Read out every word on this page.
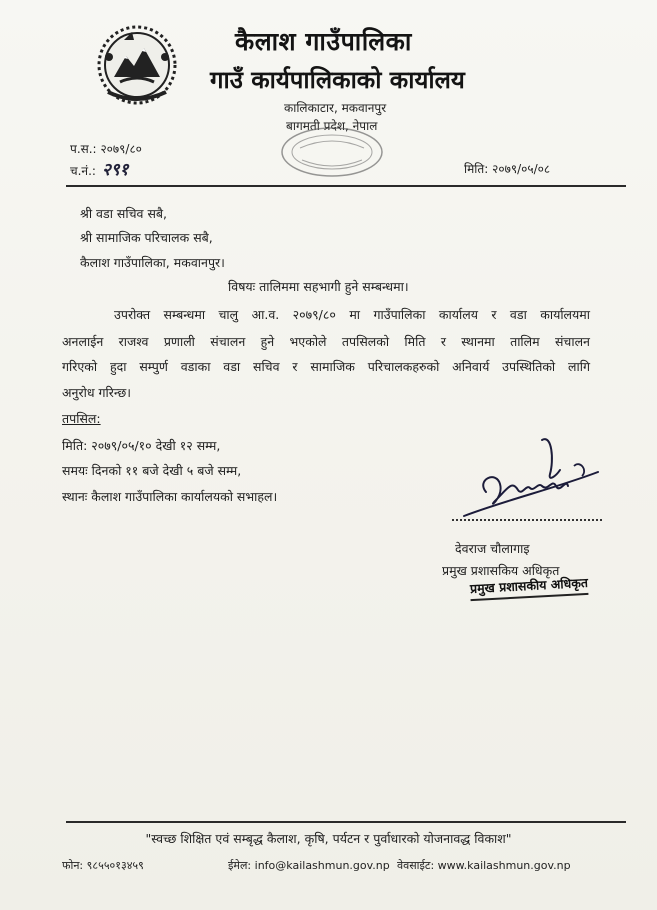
कैलाश गाउँपालिका
गाउँ कार्यपालिकाको कार्यालय
कालिकाटार, मकवानपुर
बागमती प्रदेश, नेपाल
प.स.: २०७९/८०
च.नं.: २९१	मिति: २०७९/०५/०८
श्री वडा सचिव सबै,
श्री सामाजिक परिचालक सबै,
कैलाश गाउँपालिका, मकवानपुर।
विषयः तालिममा सहभागी हुने सम्बन्धमा।
उपरोक्त सम्बन्धमा चालु आ.व. २०७९/८० मा गाउँपालिका कार्यालय र वडा कार्यालयमा
अनलाईन राजश्व प्रणाली संचालन हुने भएकोले तपसिलको मिति र स्थानमा तालिम संचालन
गरिएको हुदा सम्पुर्ण वडाका वडा सचिव र सामाजिक परिचालकहरुको अनिवार्य उपस्थितिको लागि
अनुरोध गरिन्छ।
तपसिल:
मिति: २०७९/०५/१० देखी १२ सम्म,
समयः दिनको ११ बजे देखी ५ बजे सम्म,
स्थानः कैलाश गाउँपालिका कार्यालयको सभाहल।
देवराज चौलागाइ
प्रमुख प्रशासकिय अधिकृत
प्रमुख प्रशासकीय अधिकृत
"स्वच्छ शिक्षित एवं सम्बृद्ध कैलाश, कृषि, पर्यटन र पुर्वाधारको योजनावद्ध विकाश"
फोन: ९८५५०१३४५९	ईमेल: info@kailashmun.gov.np वेवसाईट: www.kailashmun.gov.np
